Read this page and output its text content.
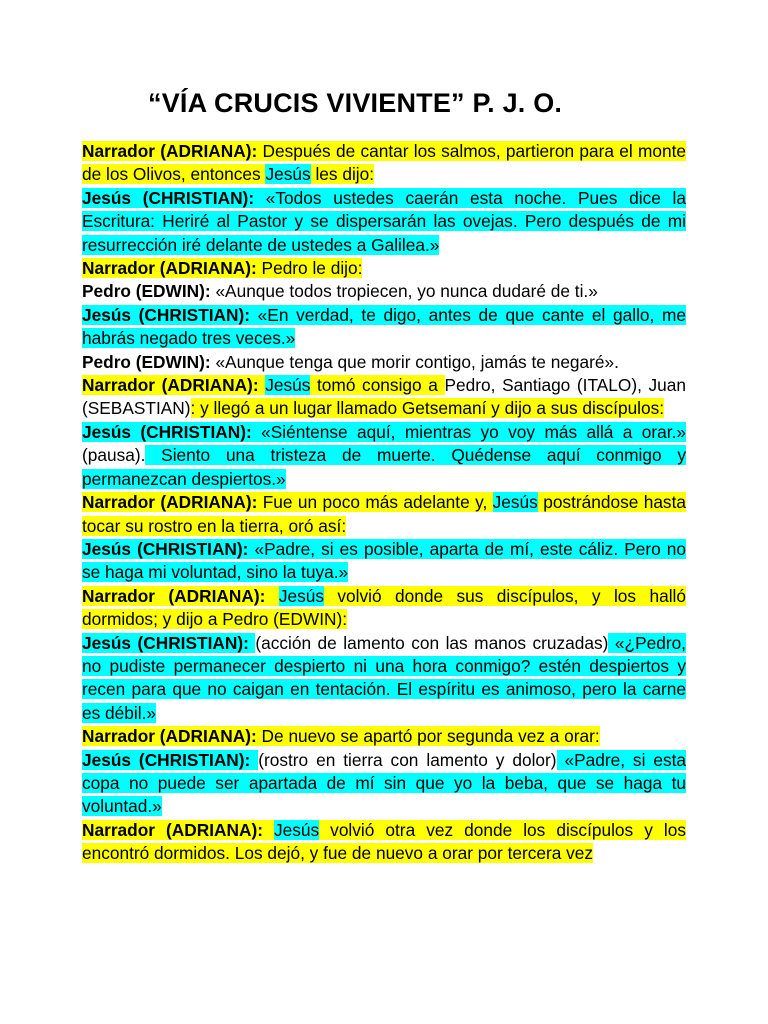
“VÍA CRUCIS VIVIENTE” P. J. O.

Narrador (ADRIANA): Después de cantar los salmos, partieron para el monte de los Olivos, entonces Jesús les dijo:

Jesús (CHRISTIAN): «Todos ustedes caerán esta noche. Pues dice la Escritura: Heriré al Pastor y se dispersarán las ovejas. Pero después de mi resurrección iré delante de ustedes a Galilea.»

Narrador (ADRIANA): Pedro le dijo:

Pedro (EDWIN): «Aunque todos tropiecen, yo nunca dudaré de ti.»

Jesús (CHRISTIAN): «En verdad, te digo, antes de que cante el gallo, me habrás negado tres veces.»

Pedro (EDWIN): «Aunque tenga que morir contigo, jamás te negaré».

Narrador (ADRIANA): Jesús tomó consigo a Pedro, Santiago (ITALO), Juan (SEBASTIAN): y llegó a un lugar llamado Getsemaní y dijo a sus discípulos:

Jesús (CHRISTIAN): «Siéntense aquí, mientras yo voy más allá a orar.» (pausa). Siento una tristeza de muerte. Quédense aquí conmigo y permanezcan despiertos.»

Narrador (ADRIANA): Fue un poco más adelante y, Jesús postrándose hasta tocar su rostro en la tierra, oró así:

Jesús (CHRISTIAN): «Padre, si es posible, aparta de mí, este cáliz. Pero no se haga mi voluntad, sino la tuya.»

Narrador (ADRIANA): Jesús volvió donde sus discípulos, y los halló dormidos; y dijo a Pedro (EDWIN):

Jesús (CHRISTIAN): (acción de lamento con las manos cruzadas) «¿Pedro, no pudiste permanecer despierto ni una hora conmigo? estén despiertos y recen para que no caigan en tentación. El espíritu es animoso, pero la carne es débil.»

Narrador (ADRIANA): De nuevo se apartó por segunda vez a orar:

Jesús (CHRISTIAN): (rostro en tierra con lamento y dolor) «Padre, si esta copa no puede ser apartada de mí sin que yo la beba, que se haga tu voluntad.»

Narrador (ADRIANA): Jesús volvió otra vez donde los discípulos y los encontró dormidos. Los dejó, y fue de nuevo a orar por tercera vez
